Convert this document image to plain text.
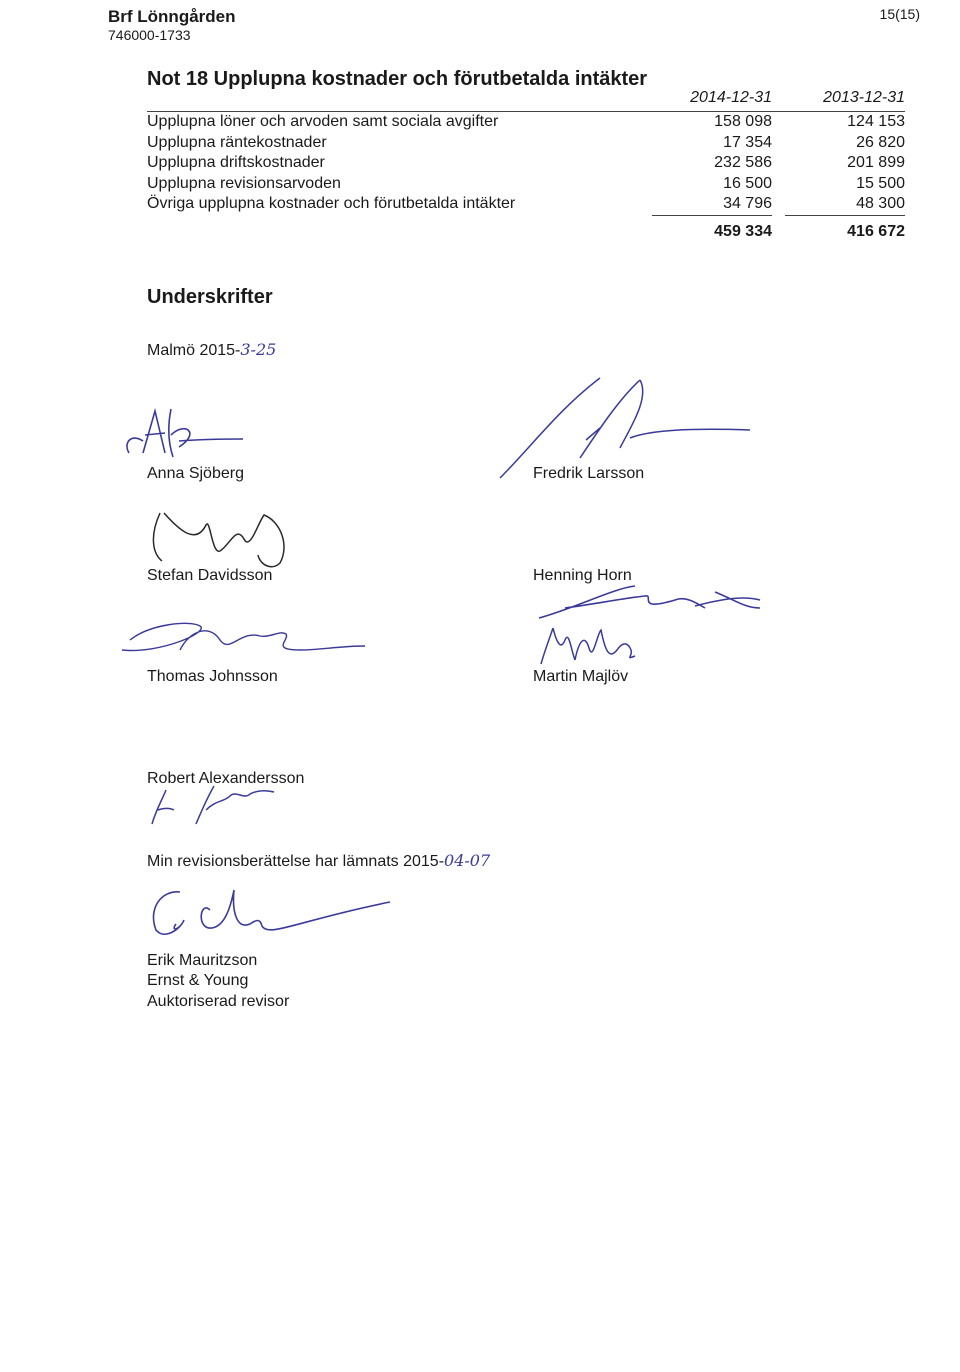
Brf Lönngården
746000-1733
15(15)
Not 18 Upplupna kostnader och förutbetalda intäkter
2014-12-31	2013-12-31
Upplupna löner och arvoden samt sociala avgifter	158 098		124 153
Upplupna räntekostnader	17 354		26 820
Upplupna driftskostnader	232 586		201 899
Upplupna revisionsarvoden	16 500		15 500
Övriga upplupna kostnader och förutbetalda intäkter	34 796		48 300
	459 334		416 672
Underskrifter
Malmö 2015-3-25
Anna Sjöberg	Fredrik Larsson
Stefan Davidsson	Henning Horn
Thomas Johnsson	Martin Majlöv
Robert Alexandersson
Min revisionsberättelse har lämnats 2015-04-07
Erik Mauritzson
Ernst & Young
Auktoriserad revisor
